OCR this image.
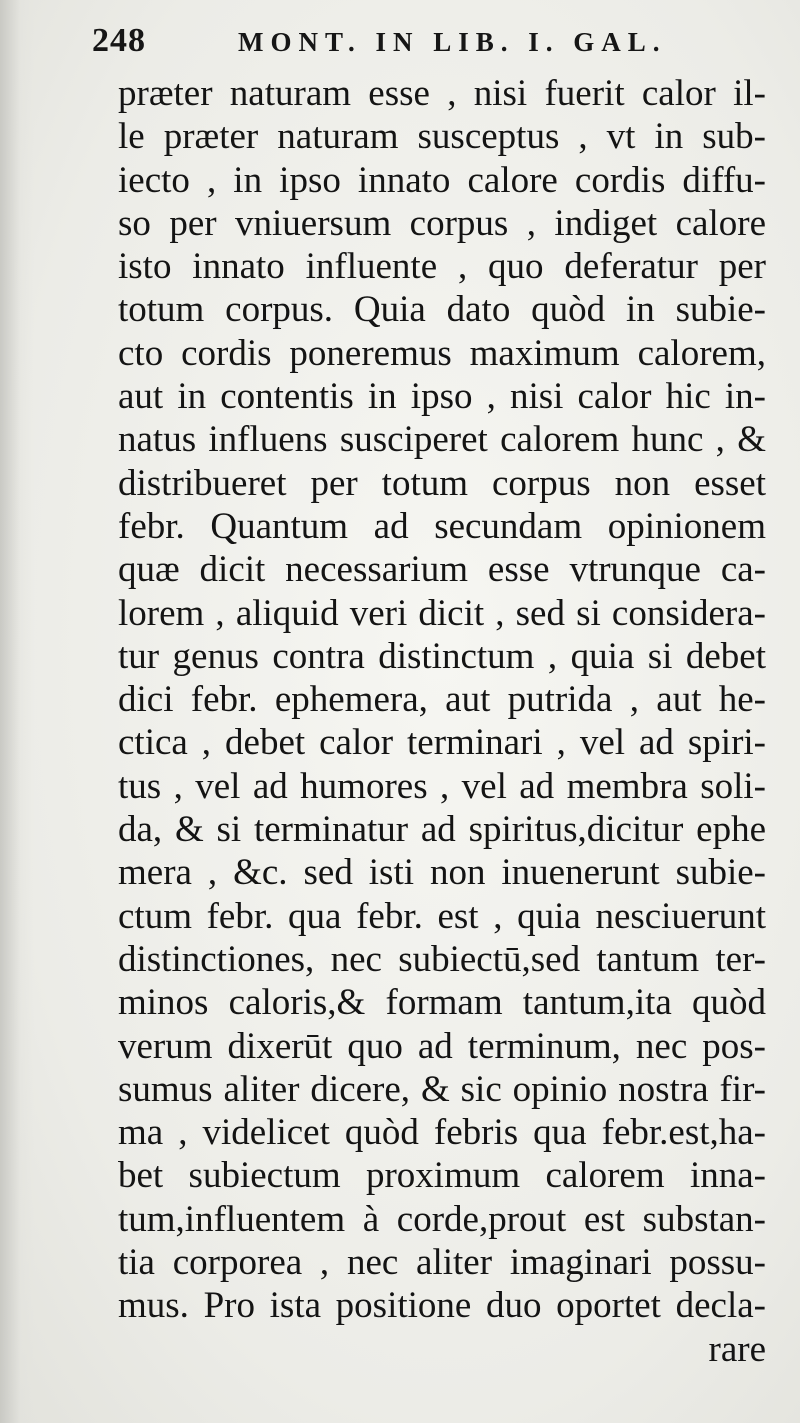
248	MONT. IN LIB. I. GAL.
præter naturam esse , nisi fuerit calor il-
le præter naturam susceptus , vt in sub-
iecto , in ipso innato calore cordis diffu-
so per vniuersum corpus , indiget calore
isto innato influente , quo deferatur per
totum corpus. Quia dato quòd in subie-
cto cordis poneremus maximum calorem,
aut in contentis in ipso , nisi calor hic in-
natus influens susciperet calorem hunc , &
distribueret per totum corpus non esset
febr. Quantum ad secundam opinionem
quæ dicit necessarium esse vtrunque ca-
lorem , aliquid veri dicit , sed si considera-
tur genus contra distinctum , quia si debet
dici febr. ephemera, aut putrida , aut he-
ctica , debet calor terminari , vel ad spiri-
tus , vel ad humores , vel ad membra soli-
da, & si terminatur ad spiritus,dicitur ephe
mera , &c. sed isti non inuenerunt subie-
ctum febr. qua febr. est , quia nesciuerunt
distinctiones, nec subiectū,sed tantum ter-
minos caloris,& formam tantum,ita quòd
verum dixerūt quo ad terminum, nec pos-
sumus aliter dicere, & sic opinio nostra fir-
ma , videlicet quòd febris qua febr.est,ha-
bet subiectum proximum calorem inna-
tum,influentem à corde,prout est substan-
tia corporea , nec aliter imaginari possu-
mus. Pro ista positione duo oportet decla-
rare
